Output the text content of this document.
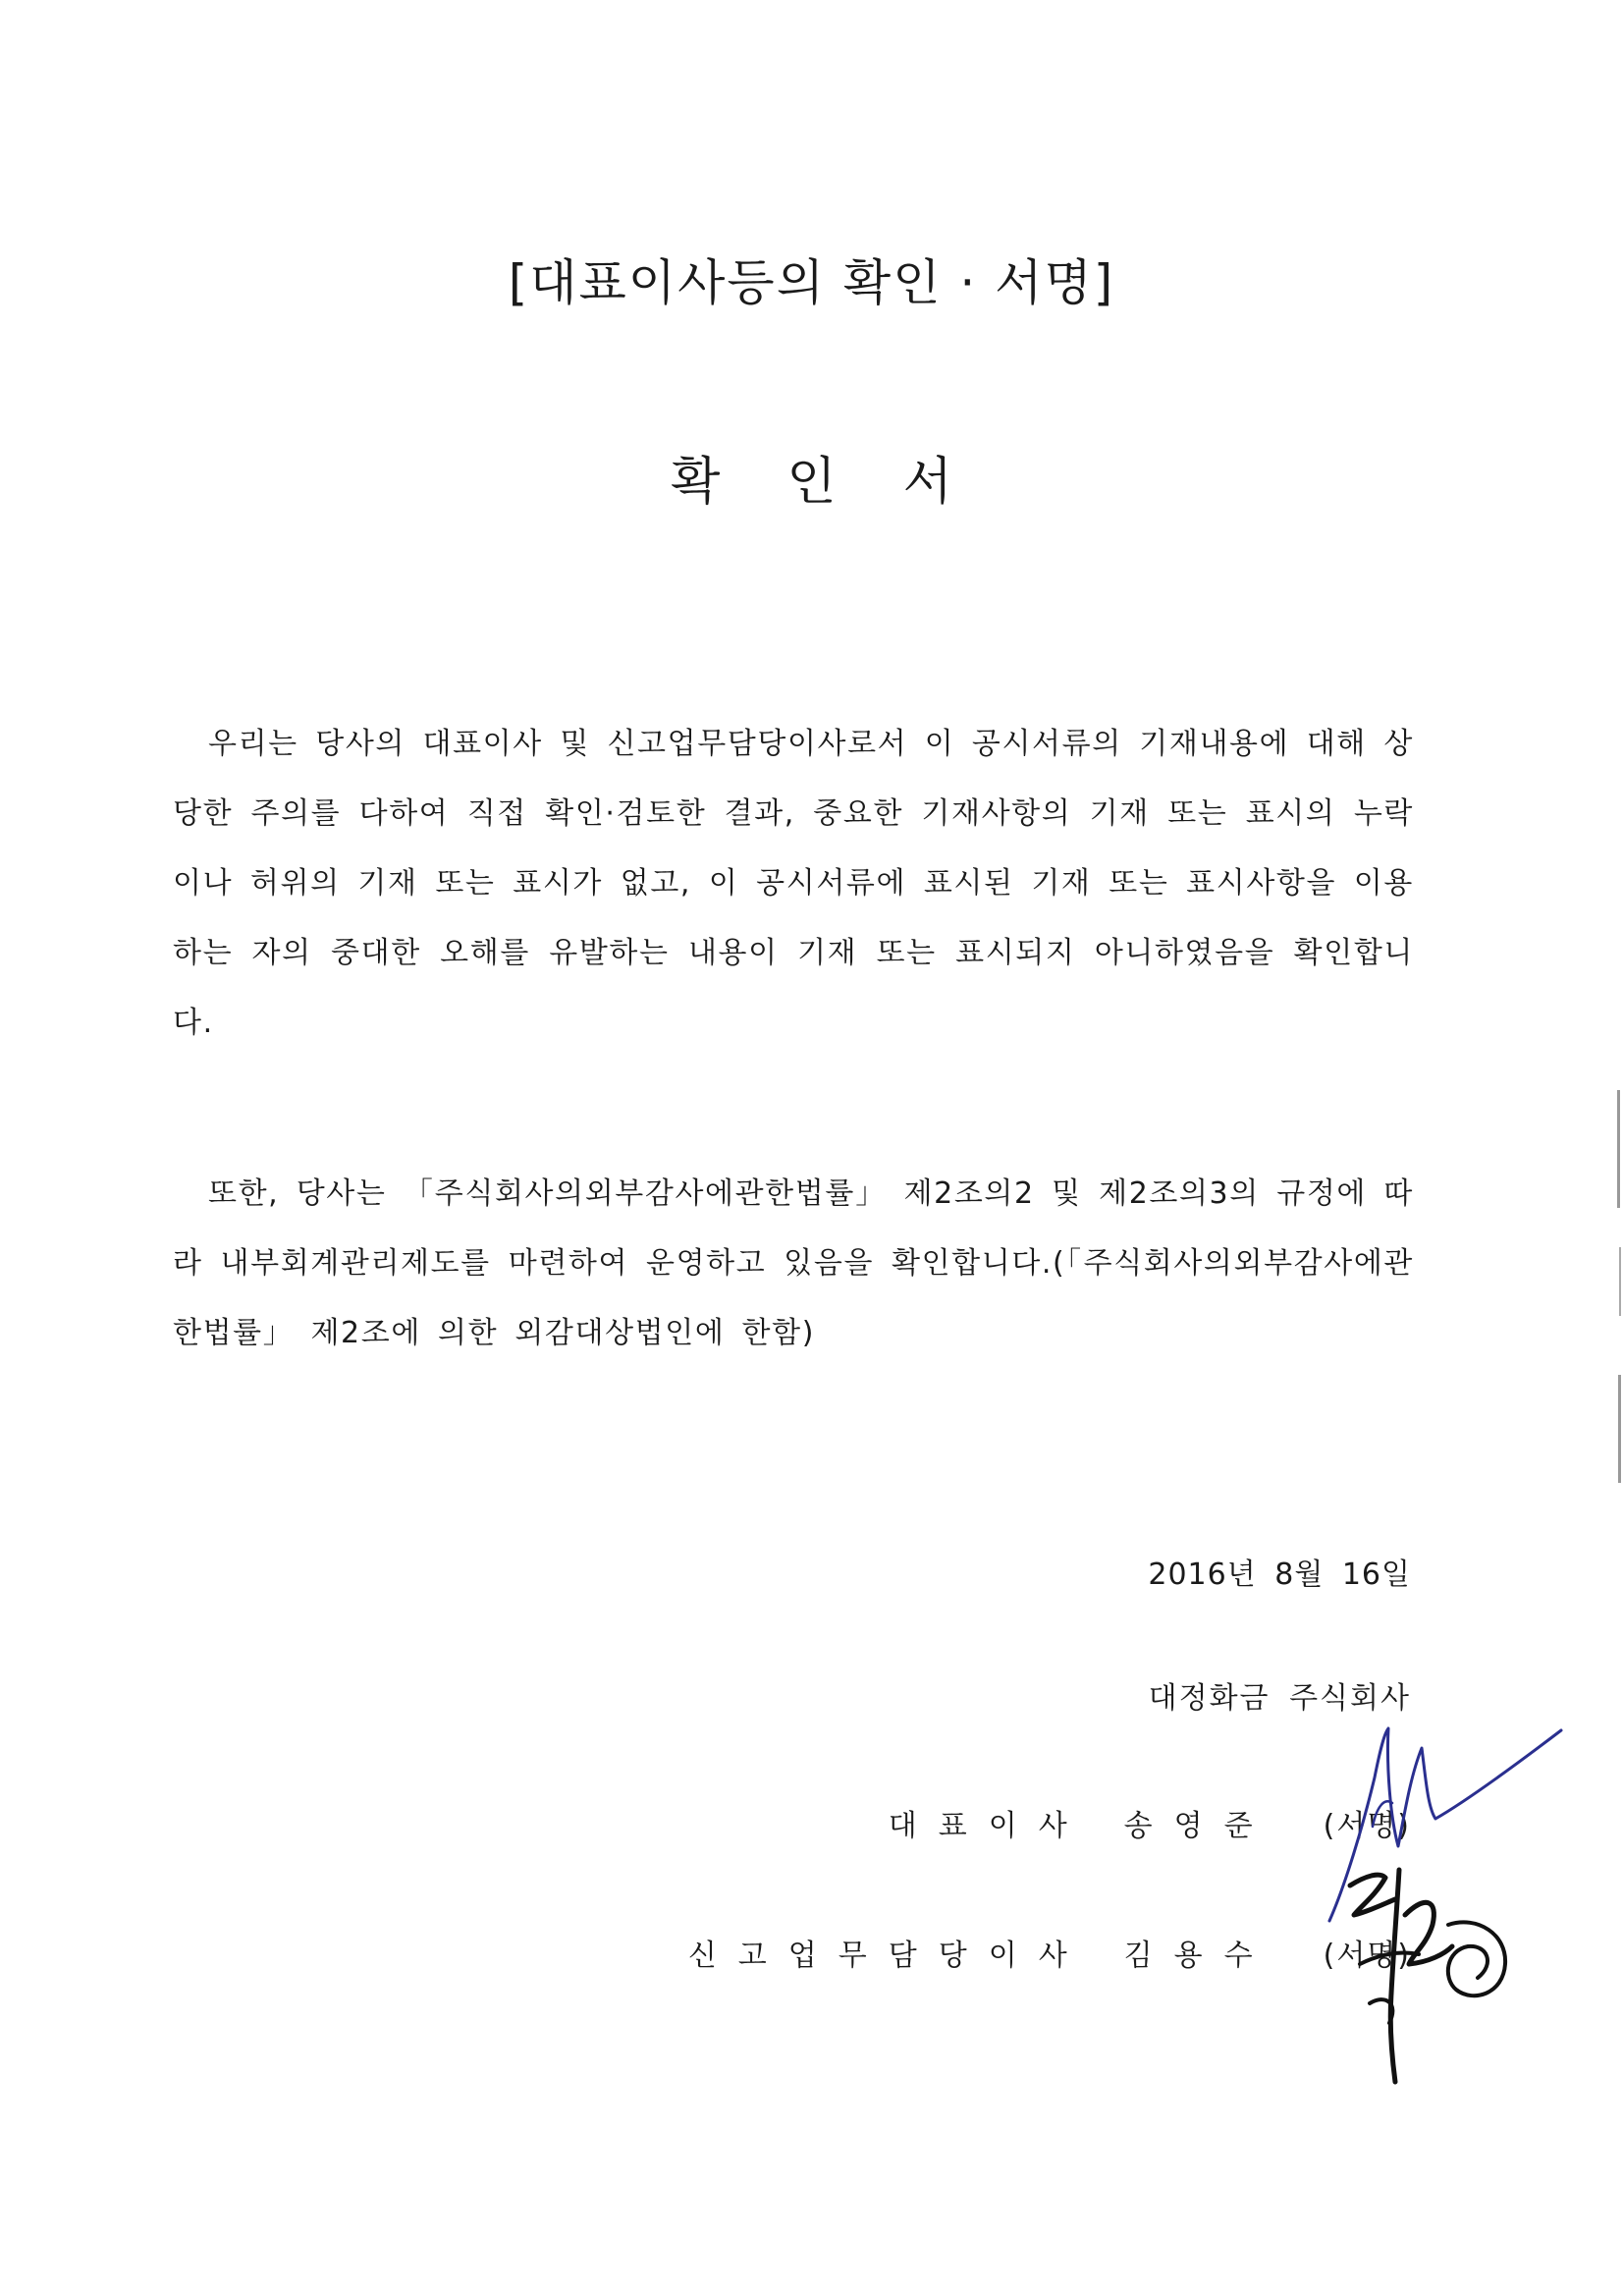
[대표이사등의 확인 · 서명]
확인서

우리는 당사의 대표이사 및 신고업무담당이사로서 이 공시서류의 기재내용에 대해 상당한 주의를 다하여 직접 확인·검토한 결과, 중요한 기재사항의 기재 또는 표시의 누락이나 허위의 기재 또는 표시가 없고, 이 공시서류에 표시된 기재 또는 표시사항을 이용하는 자의 중대한 오해를 유발하는 내용이 기재 또는 표시되지 아니하였음을 확인합니다.

또한, 당사는 「주식회사의외부감사에관한법률」 제2조의2 및 제2조의3의 규정에 따라 내부회계관리제도를 마련하여 운영하고 있음을 확인합니다.(「주식회사의외부감사에관한법률」 제2조에 의한 외감대상법인에 한함)

2016년 8월 16일
대정화금 주식회사
대표이사 송영준 (서명)
신고업무담당이사 김용수 (서명)
